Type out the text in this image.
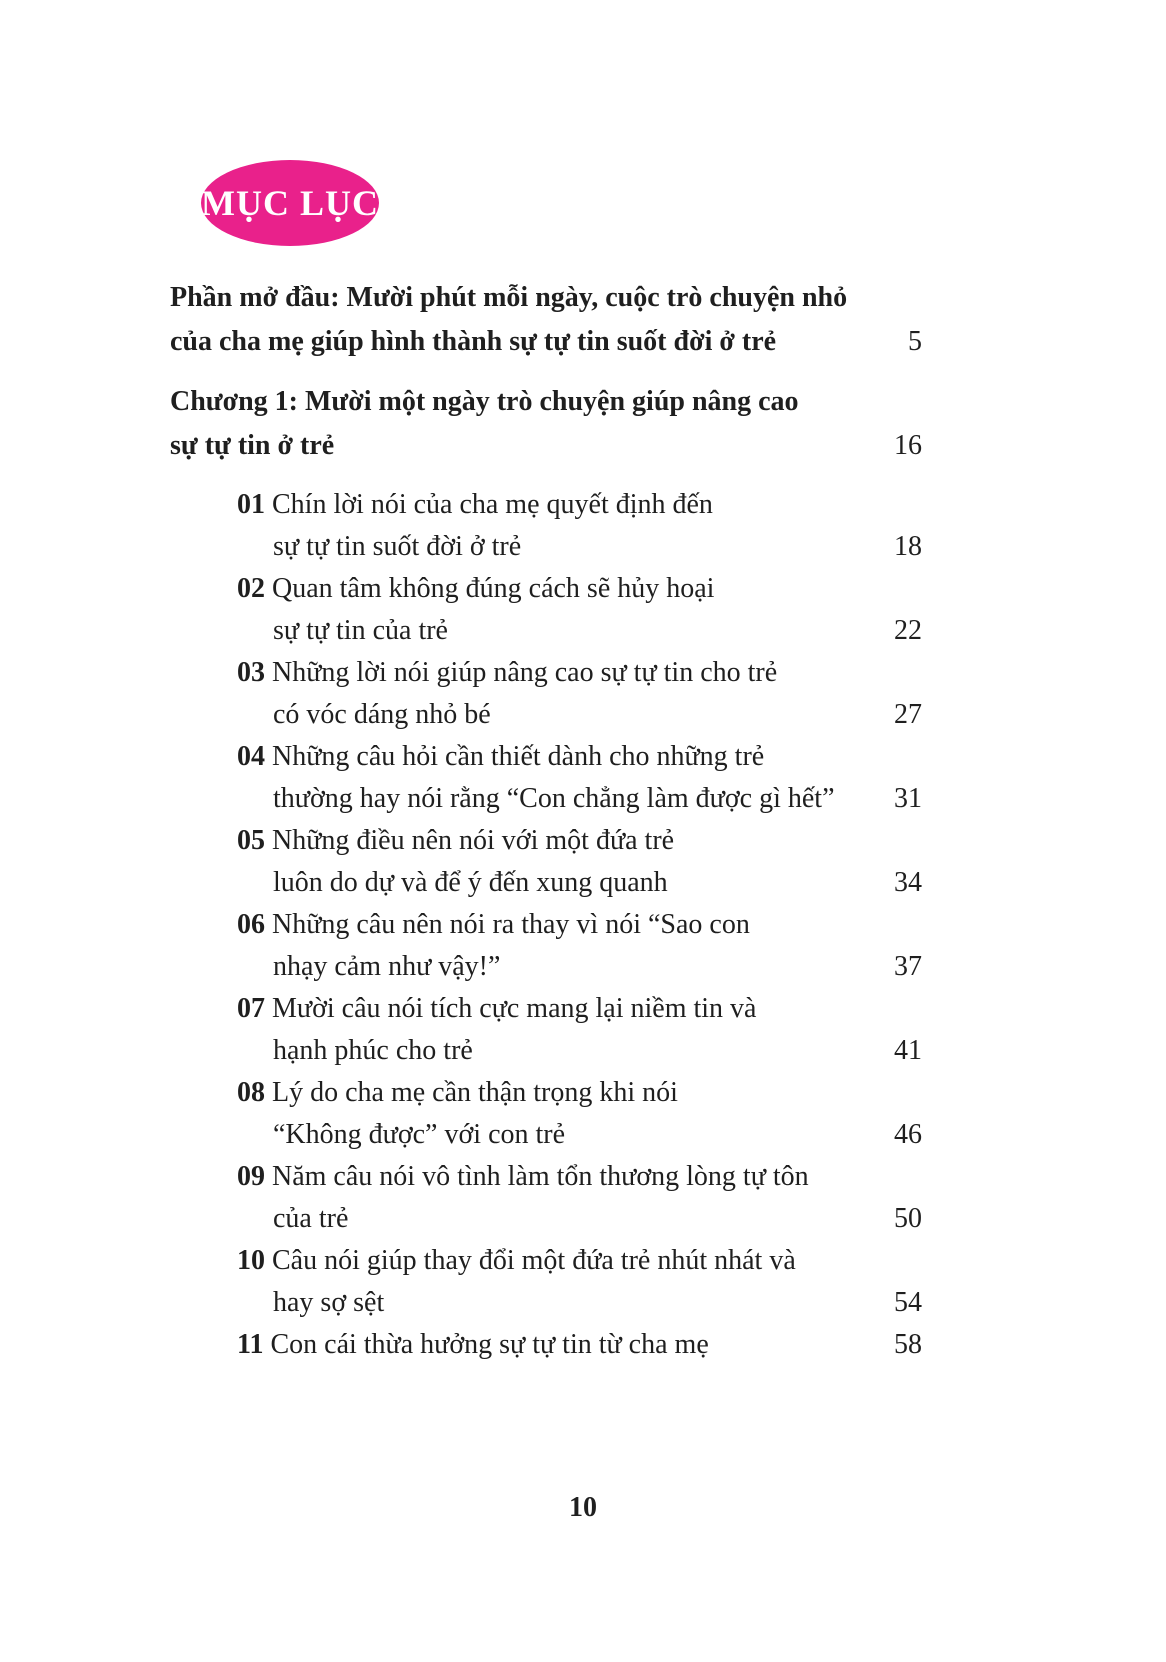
MỤC LỤC
Phần mở đầu: Mười phút mỗi ngày, cuộc trò chuyện nhỏ
của cha mẹ giúp hình thành sự tự tin suốt đời ở trẻ	5
Chương 1: Mười một ngày trò chuyện giúp nâng cao
sự tự tin ở trẻ	16
01 Chín lời nói của cha mẹ quyết định đến
sự tự tin suốt đời ở trẻ	18
02 Quan tâm không đúng cách sẽ hủy hoại
sự tự tin của trẻ	22
03 Những lời nói giúp nâng cao sự tự tin cho trẻ
có vóc dáng nhỏ bé	27
04 Những câu hỏi cần thiết dành cho những trẻ
thường hay nói rằng “Con chẳng làm được gì hết”	31
05 Những điều nên nói với một đứa trẻ
luôn do dự và để ý đến xung quanh	34
06 Những câu nên nói ra thay vì nói “Sao con
nhạy cảm như vậy!”	37
07 Mười câu nói tích cực mang lại niềm tin và
hạnh phúc cho trẻ	41
08 Lý do cha mẹ cần thận trọng khi nói
“Không được” với con trẻ	46
09 Năm câu nói vô tình làm tổn thương lòng tự tôn
của trẻ	50
10 Câu nói giúp thay đổi một đứa trẻ nhút nhát và
hay sợ sệt	54
11 Con cái thừa hưởng sự tự tin từ cha mẹ	58
10
